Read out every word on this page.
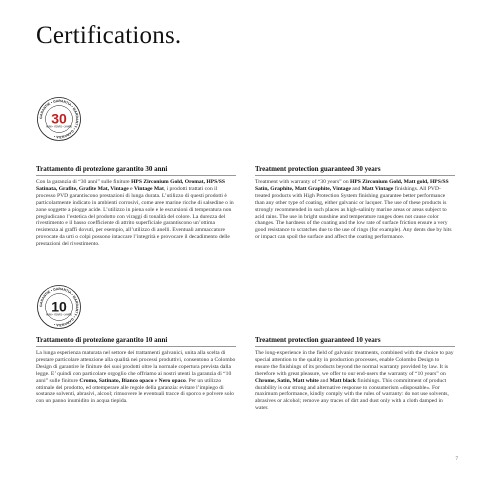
Certifications.
GARANTIE • GARANTIA • WARRANTY • GARANZIA •
30
ANNI • YEARS • JAHRE
GARANTIE • GARANTIA • WARRANTY • GARANZIA •
10
ANNI • YEARS • JAHRE
Trattamento di protezione garantito 30 anni

Con la garanzia di “30 anni” sulle finiture HPS Zirconium Gold, Oromat, HPS/SS Satinata, Grafite, Grafite Mat, Vintage e Vintage Mat, i prodotti trattati con il processo PVD garantiscono prestazioni di lunga durata. L’utilizzo di questi prodotti è particolarmente indicato in ambienti corrosivi, come aree marine ricche di salsedine o in zone soggette a piogge acide. L’utilizzo in piena sole e le escursioni di temperatura non pregiudicano l’estetica del prodotto con viraggi di tonalità del colore. La durezza del rivestimento e il basso coefficiente di attrito superficiale garantiscono un’ottima resistenza ai graffi dovuti, per esempio, all’utilizzo di anelli. Eventuali ammaccature provocate da urti o colpi possono intaccare l’integrità e provocare il decadimento delle prestazioni del rivestimento.

Treatment protection guaranteed 30 years

Treatment with warranty of “30 years” on HPS Zirconium Gold, Matt gold, HPS/SS Satin, Graphite, Matt Graphite, Vintage and Matt Vintage finishings. All PVD-treated products with High Protection System finishing guarantee better performance than any other type of coating, either galvanic or lacquer. The use of these products is strongly recommended in such places as high-salinity marine areas or areas subject to acid rains. The use in bright sunshine and temperature ranges does not cause color changes. The hardness of the coating and the low rate of surface friction ensure a very good resistance to scratches due to the use of rings (for example). Any dents due by hits or impact can spoil the surface and affect the coating performance.

Trattamento di protezione garantito 10 anni

La lunga esperienza maturata nel settore dei trattamenti galvanici, unita alla scelta di prestare particolare attenzione alla qualità nei processi produttivi, consentono a Colombo Design di garantire le finiture dei suoi prodotti oltre la normale copertura prevista dalla legge. E’ quindi con particolare orgoglio che offriamo ai nostri utenti la garanzia di “10 anni” sulle finiture Cromo, Satinato, Bianco opaco e Nero opaco. Per un utilizzo ottimale del prodotto, ed ottemperare alle regole della garanzia: evitare l’impiego di sostanze solventi, abrasivi, alcool; rimuovere le eventuali tracce di sporco e polvere solo con un panno inumidito in acqua tiepida.

Treatment protection guaranteed 10 years

The long-experience in the field of galvanic treatments, combined with the choice to pay special attention to the quality in production processes, enable Colombo Design to ensure the finishings of its products beyond the normal warranty provided by law. It is therefore with great pleasure, we offer to our end-users the warranty of “10 years” on Chrome, Satin, Matt white and Matt black finishings. This commitment of product durability is our strong and alternative response to consumerism «disposable». For maximum performance, kindly comply with the rules of warranty: do not use solvents, abrasives or alcohol; remove any traces of dirt and dust only with a cloth damped in water.

7
